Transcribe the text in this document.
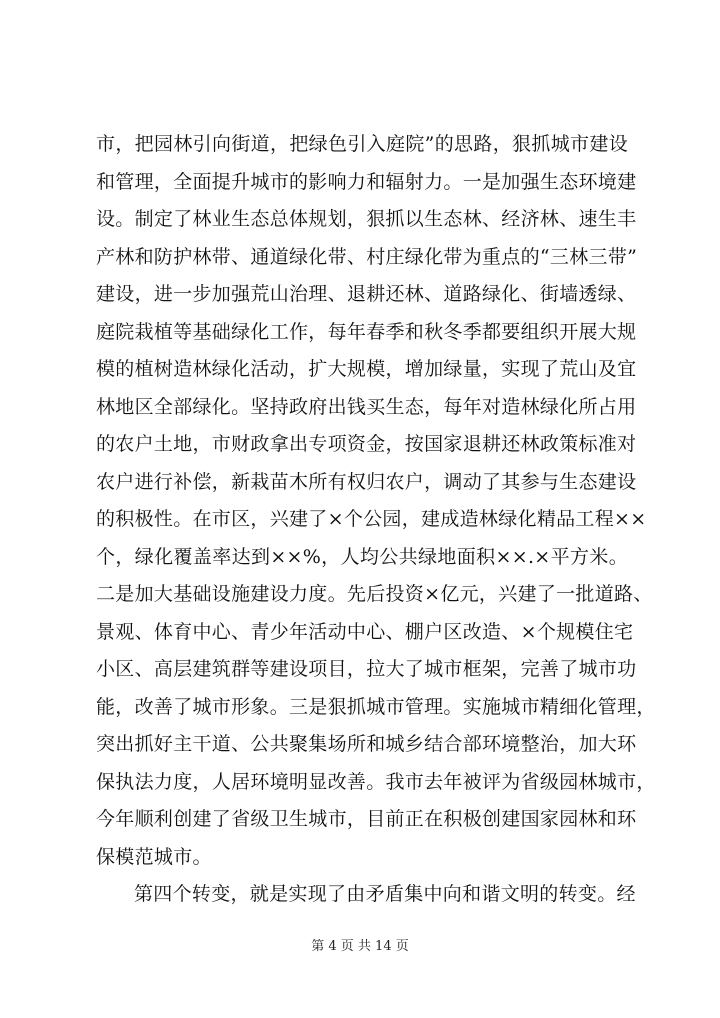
市，把园林引向街道，把绿色引入庭院”的思路，狠抓城市建设
和管理，全面提升城市的影响力和辐射力。一是加强生态环境建
设。制定了林业生态总体规划，狠抓以生态林、经济林、速生丰
产林和防护林带、通道绿化带、村庄绿化带为重点的“三林三带”
建设，进一步加强荒山治理、退耕还林、道路绿化、街墙透绿、
庭院栽植等基础绿化工作，每年春季和秋冬季都要组织开展大规
模的植树造林绿化活动，扩大规模，增加绿量，实现了荒山及宜
林地区全部绿化。坚持政府出钱买生态，每年对造林绿化所占用
的农户土地，市财政拿出专项资金，按国家退耕还林政策标准对
农户进行补偿，新栽苗木所有权归农户，调动了其参与生态建设
的积极性。在市区，兴建了×个公园，建成造林绿化精品工程××
个，绿化覆盖率达到××%，人均公共绿地面积××.×平方米。
二是加大基础设施建设力度。先后投资×亿元，兴建了一批道路、
景观、体育中心、青少年活动中心、棚户区改造、×个规模住宅
小区、高层建筑群等建设项目，拉大了城市框架，完善了城市功
能，改善了城市形象。三是狠抓城市管理。实施城市精细化管理，
突出抓好主干道、公共聚集场所和城乡结合部环境整治，加大环
保执法力度，人居环境明显改善。我市去年被评为省级园林城市，
今年顺利创建了省级卫生城市，目前正在积极创建国家园林和环
保模范城市。
第四个转变，就是实现了由矛盾集中向和谐文明的转变。经
第 4 页 共 14 页
